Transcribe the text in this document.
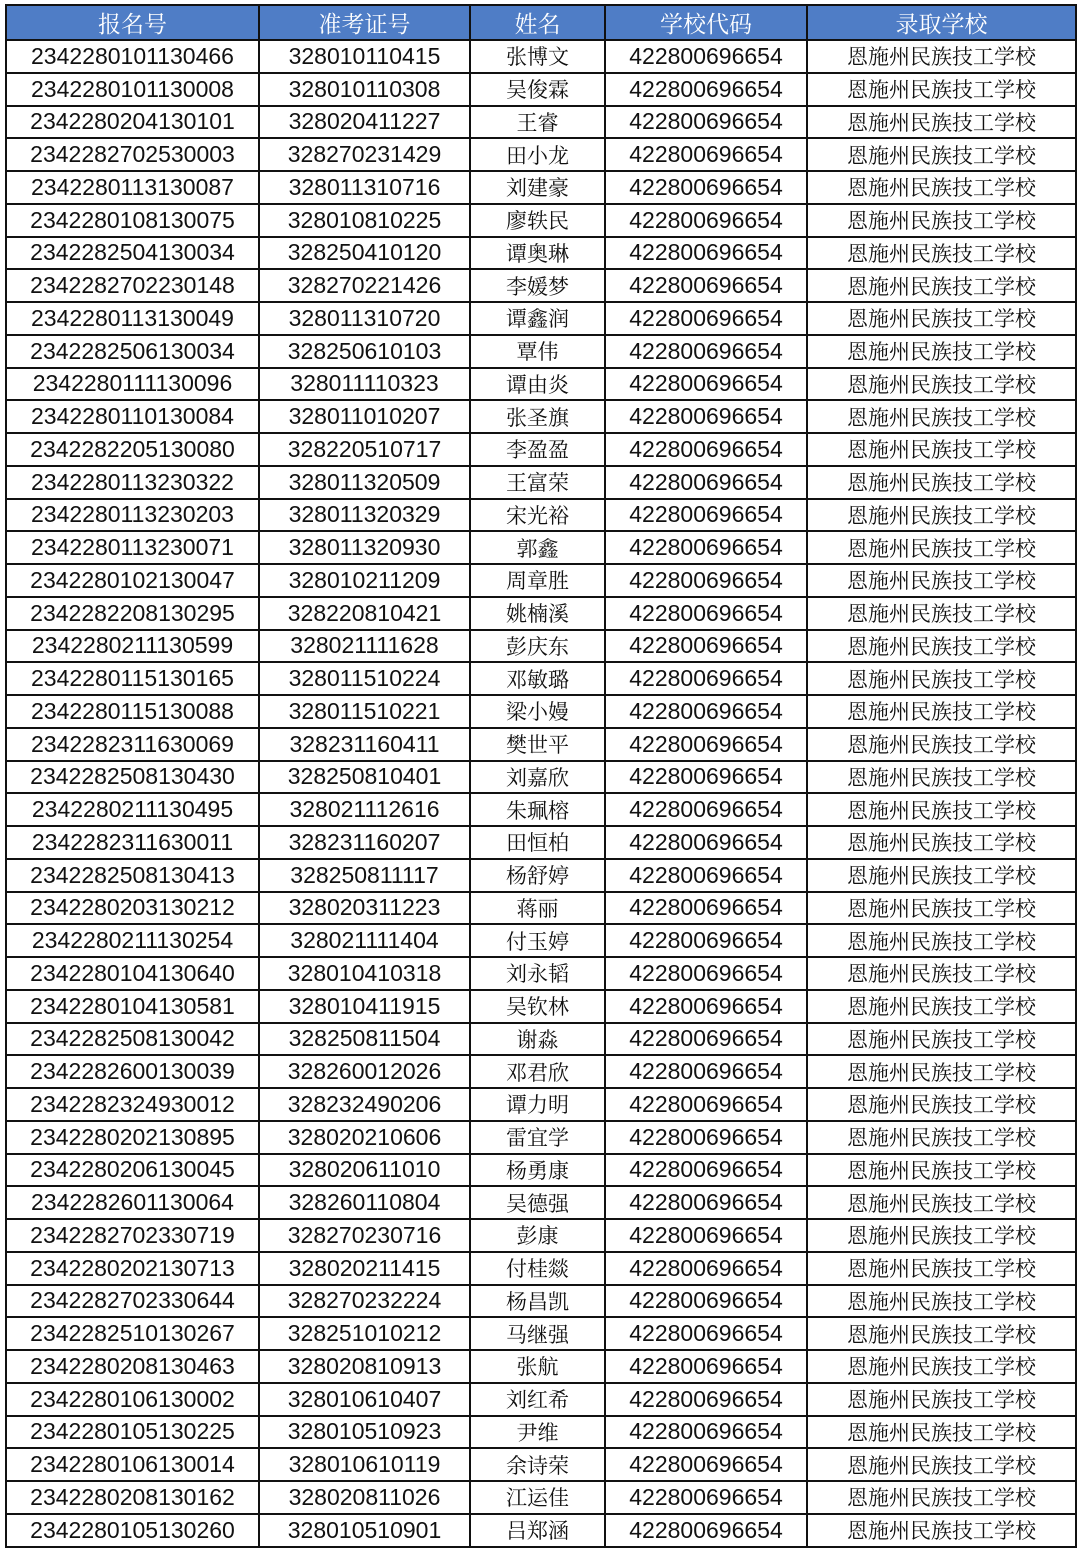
报名号	准考证号	姓名	学校代码	录取学校
2342280101130466	328010110415	张博文	422800696654	恩施州民族技工学校
2342280101130008	328010110308	吴俊霖	422800696654	恩施州民族技工学校
2342280204130101	328020411227	王睿	422800696654	恩施州民族技工学校
2342282702530003	328270231429	田小龙	422800696654	恩施州民族技工学校
2342280113130087	328011310716	刘建豪	422800696654	恩施州民族技工学校
2342280108130075	328010810225	廖轶民	422800696654	恩施州民族技工学校
2342282504130034	328250410120	谭奥琳	422800696654	恩施州民族技工学校
2342282702230148	328270221426	李媛梦	422800696654	恩施州民族技工学校
2342280113130049	328011310720	谭鑫润	422800696654	恩施州民族技工学校
2342282506130034	328250610103	覃伟	422800696654	恩施州民族技工学校
2342280111130096	328011110323	谭由炎	422800696654	恩施州民族技工学校
2342280110130084	328011010207	张圣旗	422800696654	恩施州民族技工学校
2342282205130080	328220510717	李盈盈	422800696654	恩施州民族技工学校
2342280113230322	328011320509	王富荣	422800696654	恩施州民族技工学校
2342280113230203	328011320329	宋光裕	422800696654	恩施州民族技工学校
2342280113230071	328011320930	郭鑫	422800696654	恩施州民族技工学校
2342280102130047	328010211209	周章胜	422800696654	恩施州民族技工学校
2342282208130295	328220810421	姚楠溪	422800696654	恩施州民族技工学校
2342280211130599	328021111628	彭庆东	422800696654	恩施州民族技工学校
2342280115130165	328011510224	邓敏璐	422800696654	恩施州民族技工学校
2342280115130088	328011510221	梁小嫚	422800696654	恩施州民族技工学校
2342282311630069	328231160411	樊世平	422800696654	恩施州民族技工学校
2342282508130430	328250810401	刘嘉欣	422800696654	恩施州民族技工学校
2342280211130495	328021112616	朱珮榕	422800696654	恩施州民族技工学校
2342282311630011	328231160207	田恒柏	422800696654	恩施州民族技工学校
2342282508130413	328250811117	杨舒婷	422800696654	恩施州民族技工学校
2342280203130212	328020311223	蒋丽	422800696654	恩施州民族技工学校
2342280211130254	328021111404	付玉婷	422800696654	恩施州民族技工学校
2342280104130640	328010410318	刘永韬	422800696654	恩施州民族技工学校
2342280104130581	328010411915	吴钦林	422800696654	恩施州民族技工学校
2342282508130042	328250811504	谢淼	422800696654	恩施州民族技工学校
2342282600130039	328260012026	邓君欣	422800696654	恩施州民族技工学校
2342282324930012	328232490206	谭力明	422800696654	恩施州民族技工学校
2342280202130895	328020210606	雷宜学	422800696654	恩施州民族技工学校
2342280206130045	328020611010	杨勇康	422800696654	恩施州民族技工学校
2342282601130064	328260110804	吴德强	422800696654	恩施州民族技工学校
2342282702330719	328270230716	彭康	422800696654	恩施州民族技工学校
2342280202130713	328020211415	付桂燚	422800696654	恩施州民族技工学校
2342282702330644	328270232224	杨昌凯	422800696654	恩施州民族技工学校
2342282510130267	328251010212	马继强	422800696654	恩施州民族技工学校
2342280208130463	328020810913	张航	422800696654	恩施州民族技工学校
2342280106130002	328010610407	刘红希	422800696654	恩施州民族技工学校
2342280105130225	328010510923	尹维	422800696654	恩施州民族技工学校
2342280106130014	328010610119	余诗荣	422800696654	恩施州民族技工学校
2342280208130162	328020811026	江运佳	422800696654	恩施州民族技工学校
2342280105130260	328010510901	吕郑涵	422800696654	恩施州民族技工学校
